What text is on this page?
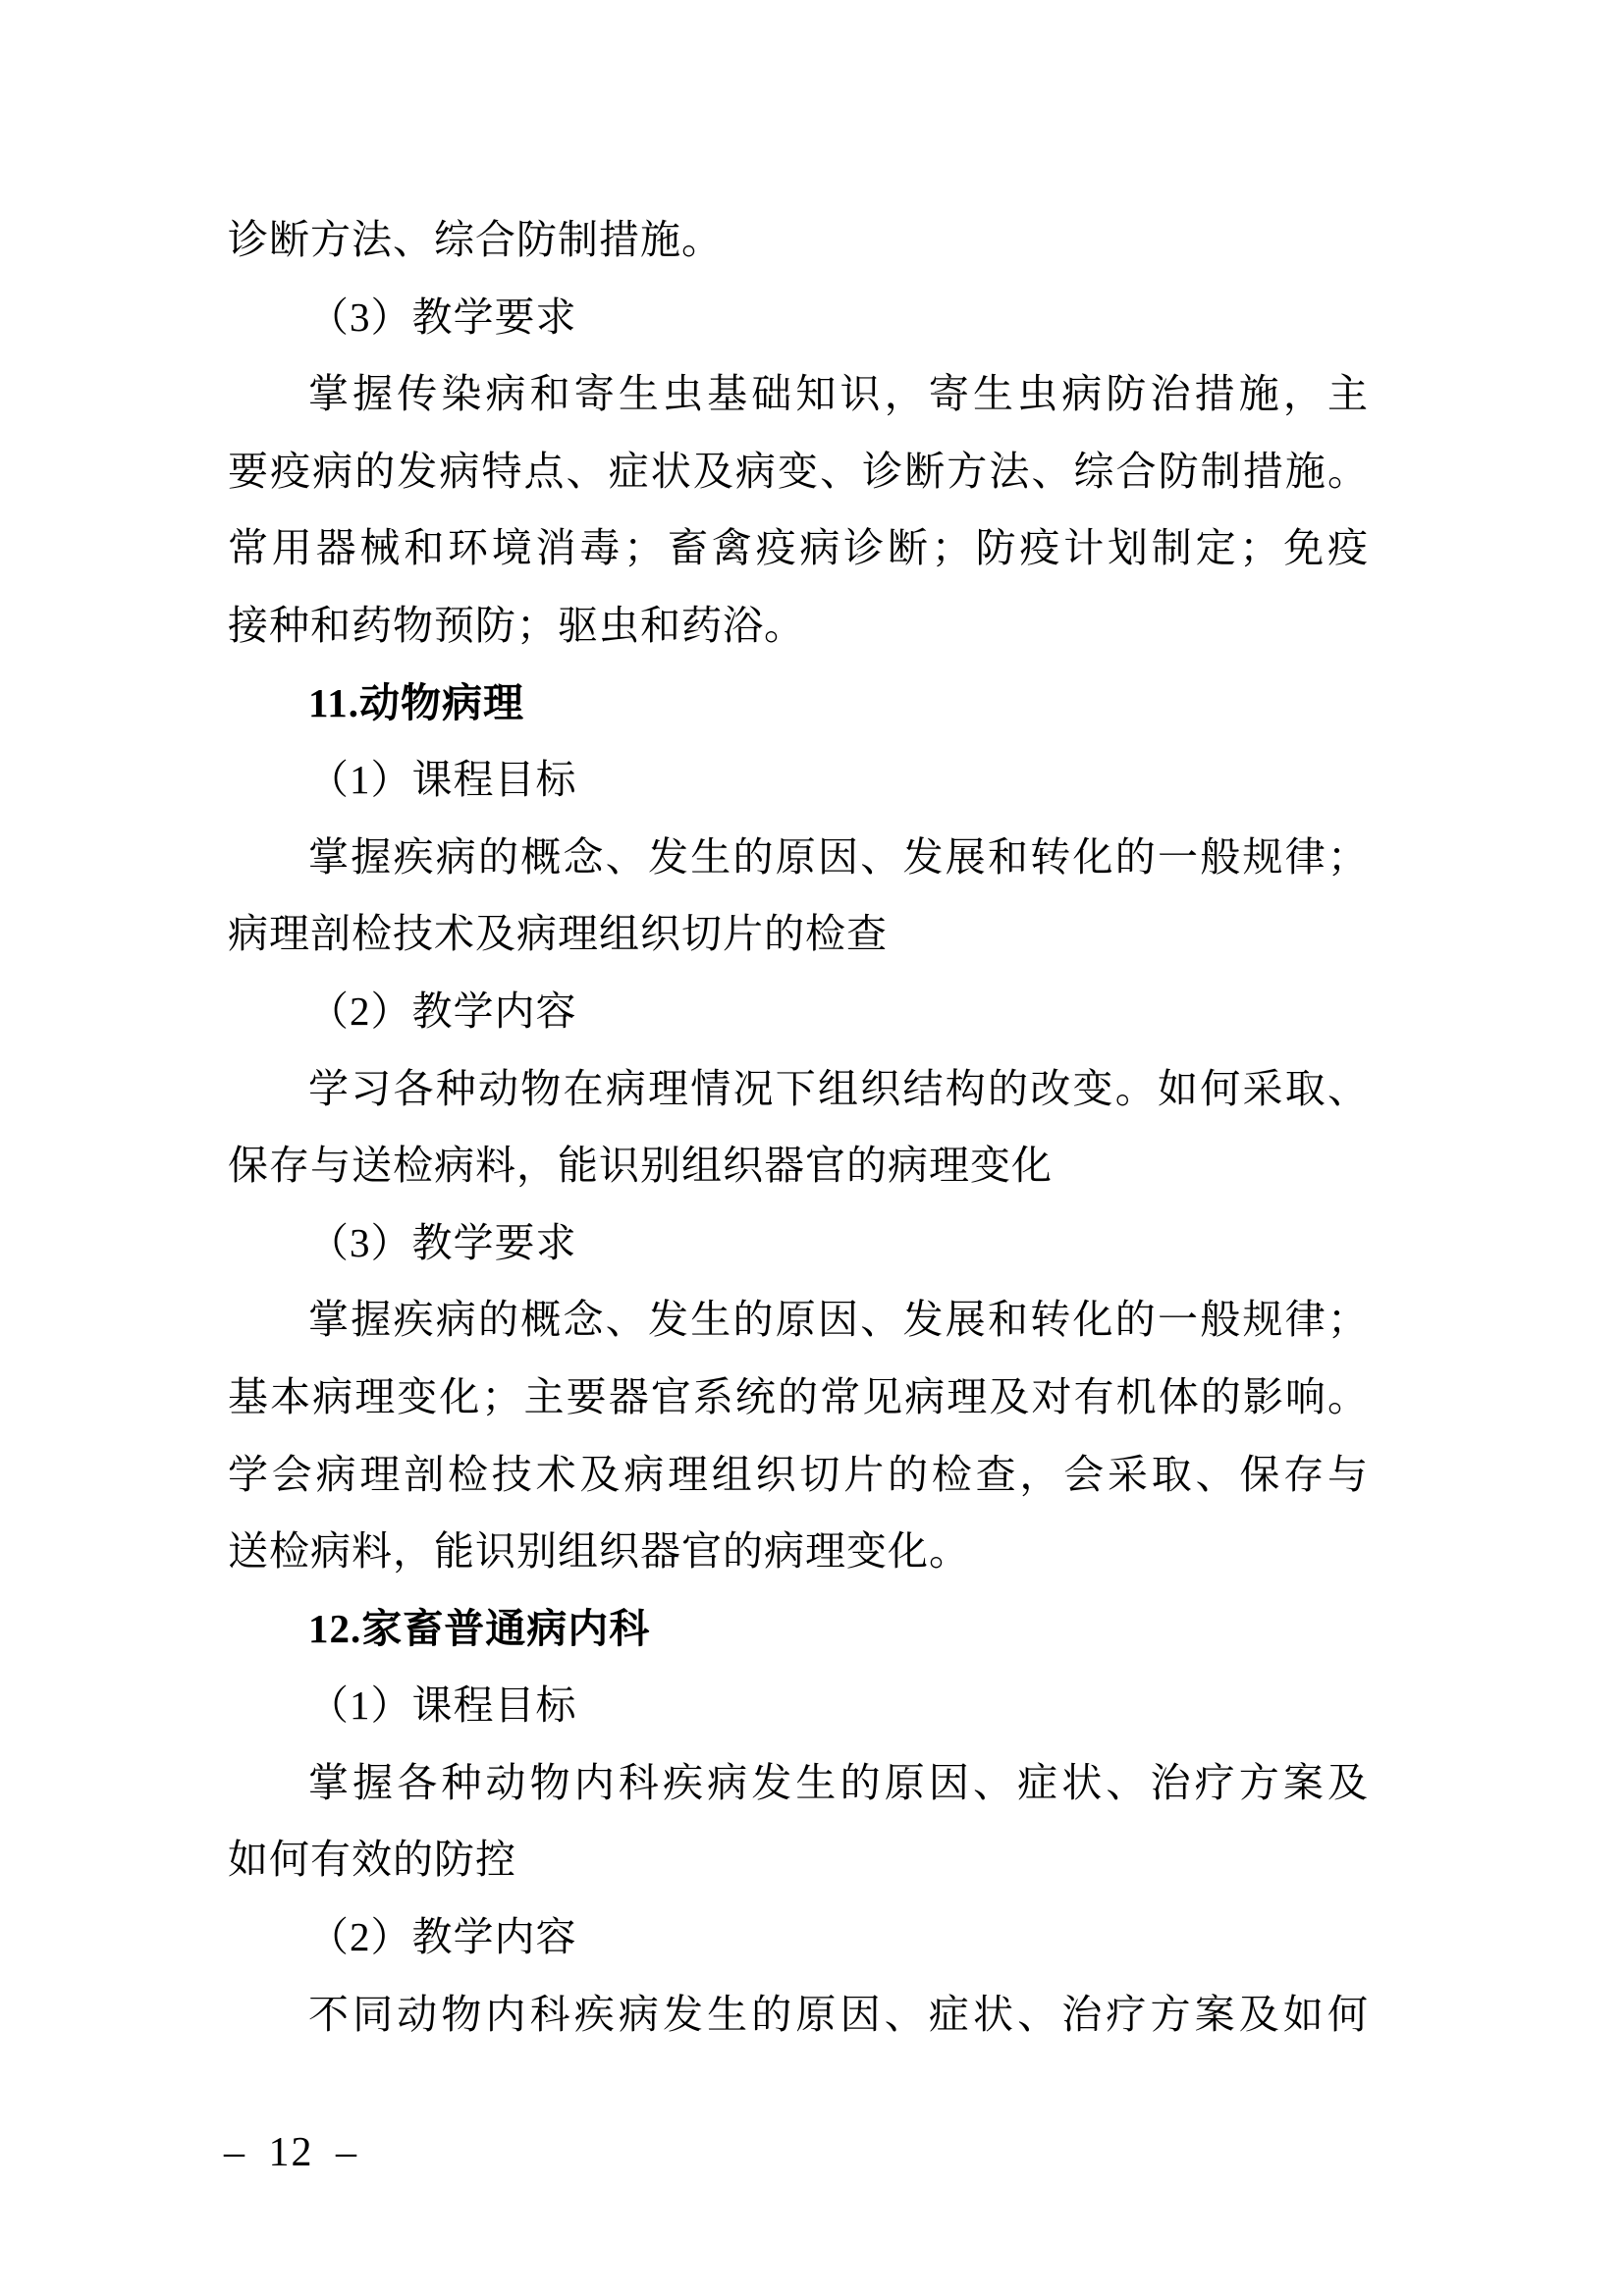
诊断方法、综合防制措施。
（3）教学要求
掌握传染病和寄生虫基础知识，寄生虫病防治措施，主
要疫病的发病特点、症状及病变、诊断方法、综合防制措施。
常用器械和环境消毒；畜禽疫病诊断；防疫计划制定；免疫
接种和药物预防；驱虫和药浴。
11.动物病理
（1）课程目标
掌握疾病的概念、发生的原因、发展和转化的一般规律；
病理剖检技术及病理组织切片的检查
（2）教学内容
学习各种动物在病理情况下组织结构的改变。如何采取、
保存与送检病料，能识别组织器官的病理变化
（3）教学要求
掌握疾病的概念、发生的原因、发展和转化的一般规律；
基本病理变化；主要器官系统的常见病理及对有机体的影响。
学会病理剖检技术及病理组织切片的检查，会采取、保存与
送检病料，能识别组织器官的病理变化。
12.家畜普通病内科
（1）课程目标
掌握各种动物内科疾病发生的原因、症状、治疗方案及
如何有效的防控
（2）教学内容
不同动物内科疾病发生的原因、症状、治疗方案及如何
– 12 –
